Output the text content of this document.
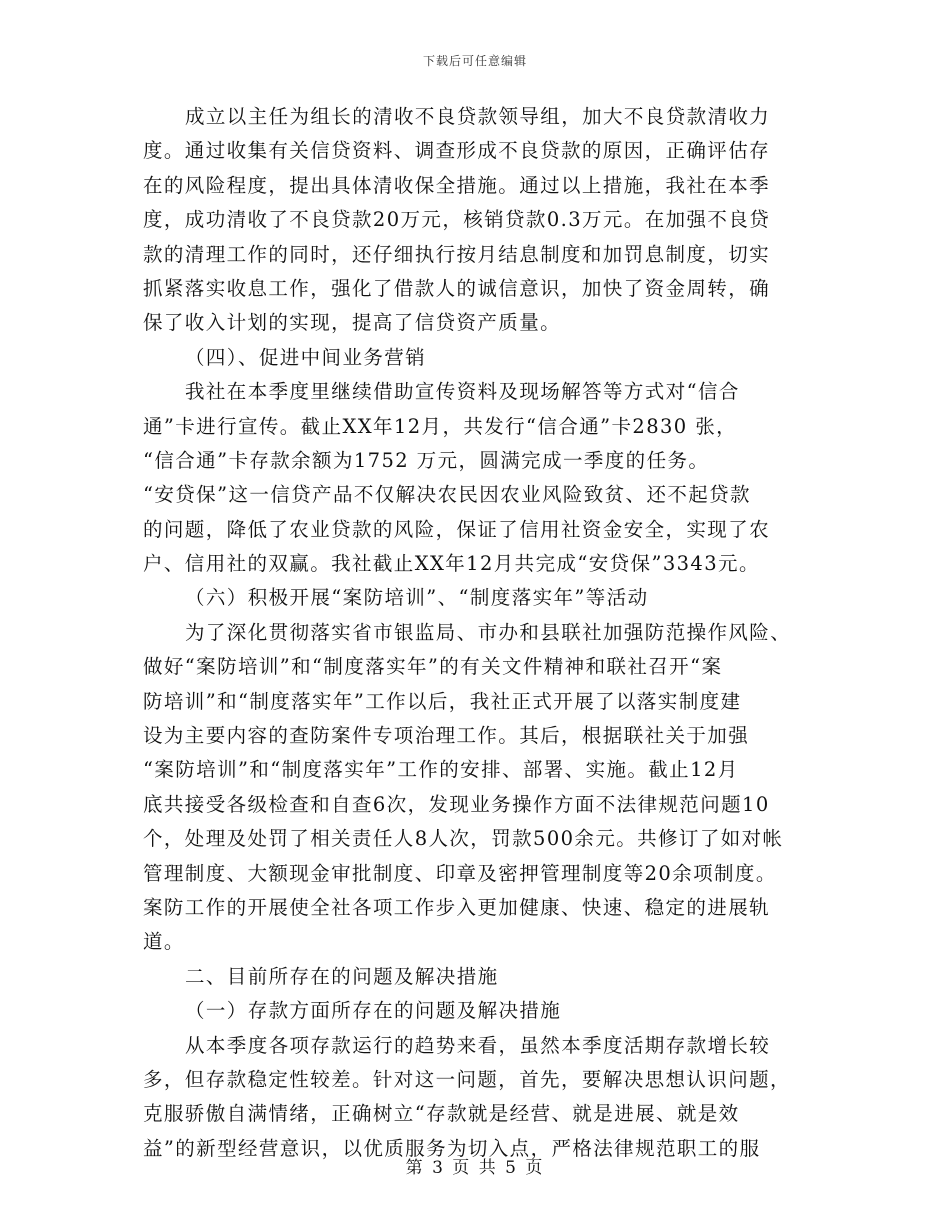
下载后可任意编辑
成立以主任为组长的清收不良贷款领导组，加大不良贷款清收力
度。通过收集有关信贷资料、调查形成不良贷款的原因，正确评估存
在的风险程度，提出具体清收保全措施。通过以上措施，我社在本季
度，成功清收了不良贷款20万元，核销贷款0.3万元。在加强不良贷
款的清理工作的同时，还仔细执行按月结息制度和加罚息制度，切实
抓紧落实收息工作，强化了借款人的诚信意识，加快了资金周转，确
保了收入计划的实现，提高了信贷资产质量。
（四）、促进中间业务营销
我社在本季度里继续借助宣传资料及现场解答等方式对“信合
通”卡进行宣传。截止XX年12月，共发行“信合通”卡2830 张，
“信合通”卡存款余额为1752 万元，圆满完成一季度的任务。
“安贷保”这一信贷产品不仅解决农民因农业风险致贫、还不起贷款
的问题，降低了农业贷款的风险，保证了信用社资金安全，实现了农
户、信用社的双赢。我社截止XX年12月共完成“安贷保”3343元。
（六）积极开展“案防培训”、“制度落实年”等活动
为了深化贯彻落实省市银监局、市办和县联社加强防范操作风险、
做好“案防培训”和“制度落实年”的有关文件精神和联社召开“案
防培训”和“制度落实年”工作以后，我社正式开展了以落实制度建
设为主要内容的查防案件专项治理工作。其后，根据联社关于加强
“案防培训”和“制度落实年”工作的安排、部署、实施。截止12月
底共接受各级检查和自查6次，发现业务操作方面不法律规范问题10
个，处理及处罚了相关责任人8人次，罚款500余元。共修订了如对帐
管理制度、大额现金审批制度、印章及密押管理制度等20余项制度。
案防工作的开展使全社各项工作步入更加健康、快速、稳定的进展轨
道。
二、目前所存在的问题及解决措施
（一）存款方面所存在的问题及解决措施
从本季度各项存款运行的趋势来看，虽然本季度活期存款增长较
多，但存款稳定性较差。针对这一问题，首先，要解决思想认识问题，
克服骄傲自满情绪，正确树立“存款就是经营、就是进展、就是效
益”的新型经营意识，以优质服务为切入点，严格法律规范职工的服
第 3 页 共 5 页
